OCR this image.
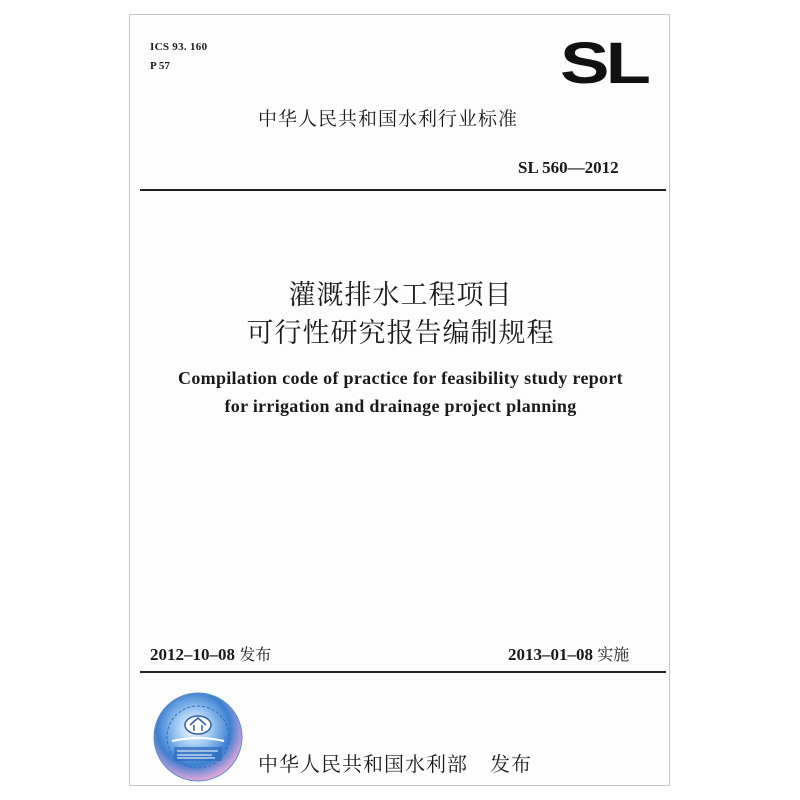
ICS 93. 160
P 57	SL
中华人民共和国水利行业标准
SL 560—2012
灌溉排水工程项目
可行性研究报告编制规程
Compilation code of practice for feasibility study report
for irrigation and drainage project planning
2012–10–08 发布	2013–01–08 实施
中华人民共和国水利部 发布
